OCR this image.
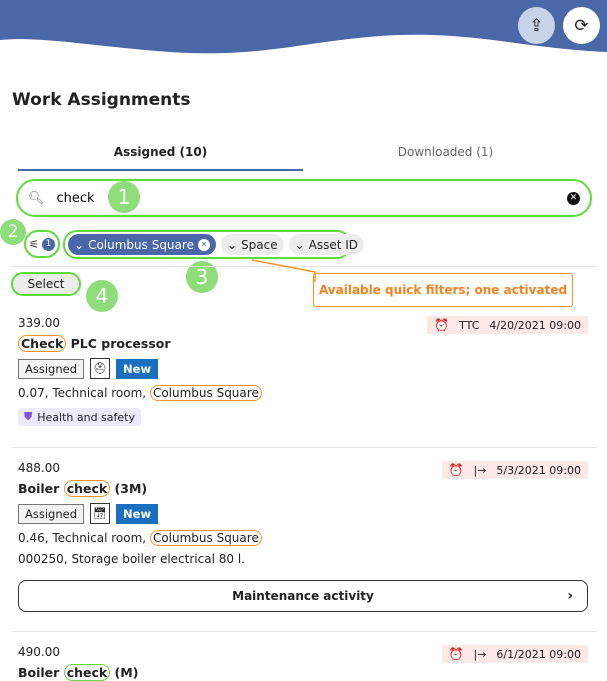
⇪ ⟳
Work Assignments
Assigned (10)	Downloaded (1)
🔍︎
check	✕
1
⚟ 1
2
⌄ Columbus Square ✕ ⌄ Space ⌄ Asset ID
3
Select	4	Available quick filters; one activated
339.00	⏰ TTC 4/20/2021 09:00
Check PLC processor
Assigned	⛑	New
0.07, Technical room, Columbus Square
⛊ Health and safety
488.00	⏰ |→ 5/3/2021 09:00
Boiler check (3M)
Assigned	📅︎	New
0.46, Technical room, Columbus Square
000250, Storage boiler electrical 80 l.
Maintenance activity	›
490.00	⏰ |→ 6/1/2021 09:00
Boiler check (M)
